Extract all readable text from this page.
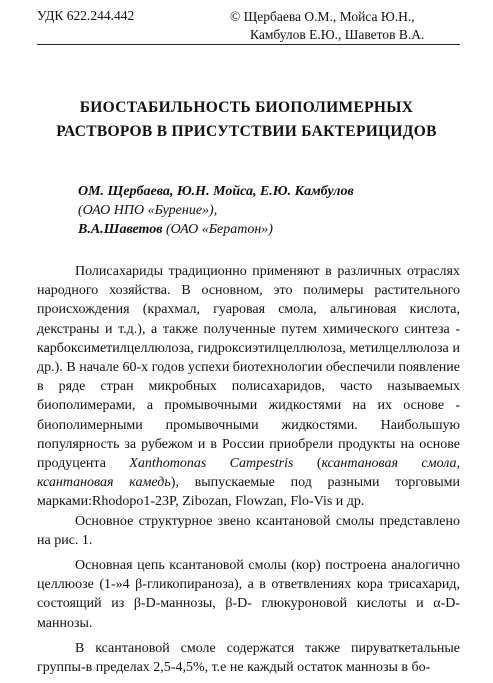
УДК 622.244.442	© Щербаева О.М., Мойса Ю.Н.,
Камбулов Е.Ю., Шаветов В.А.
БИОСТАБИЛЬНОСТЬ БИОПОЛИМЕРНЫХ
РАСТВОРОВ В ПРИСУТСТВИИ БАКТЕРИЦИДОВ
ОМ. Щербаева, Ю.Н. Мойса, Е.Ю. Камбулов
(ОАО НПО «Бурение»),
В.А.Шаветов (ОАО «Бератон»)

Полисахариды традиционно применяют в различных отраслях народного хозяйства. В основном, это полимеры растительного происхождения (крахмал, гуаровая смола, альгиновая кислота, декстраны и т.д.), а также полученные путем химического синтеза - карбоксиметилцеллюлоза, гидроксиэтилцеллюлоза, метилцеллюлоза и др.). В начале 60-х годов успехи биотехнологии обеспечили появление в ряде стран микробных полисахаридов, часто называемых биополимерами, а промывочными жидкостями на их основе - биополимерными промывочными жидкостями. Наибольшую популярность за рубежом и в России приобрели продукты на основе продуцента Xanthomonas Campestris (ксантановая смола, ксантановая камедь), выпускаемые под разными торговыми марками:Rhodopo1-23P, Zibozan, Flowzan, Flo-Vis и др.

Основное структурное звено ксантановой смолы представлено на рис. 1.

Основная цепь ксантановой смолы (кор) построена аналогично целлюозе (1-»4 β-гликопираноза), а в ответвлениях кора трисахарид, состоящий из β-D-маннозы, β-D- глюкуроновой кислоты и α-D-маннозы.

В ксантановой смоле содержатся также пируваткетальные группы-в пределах 2,5-4,5%, т.е не каждый остаток маннозы в бо-
